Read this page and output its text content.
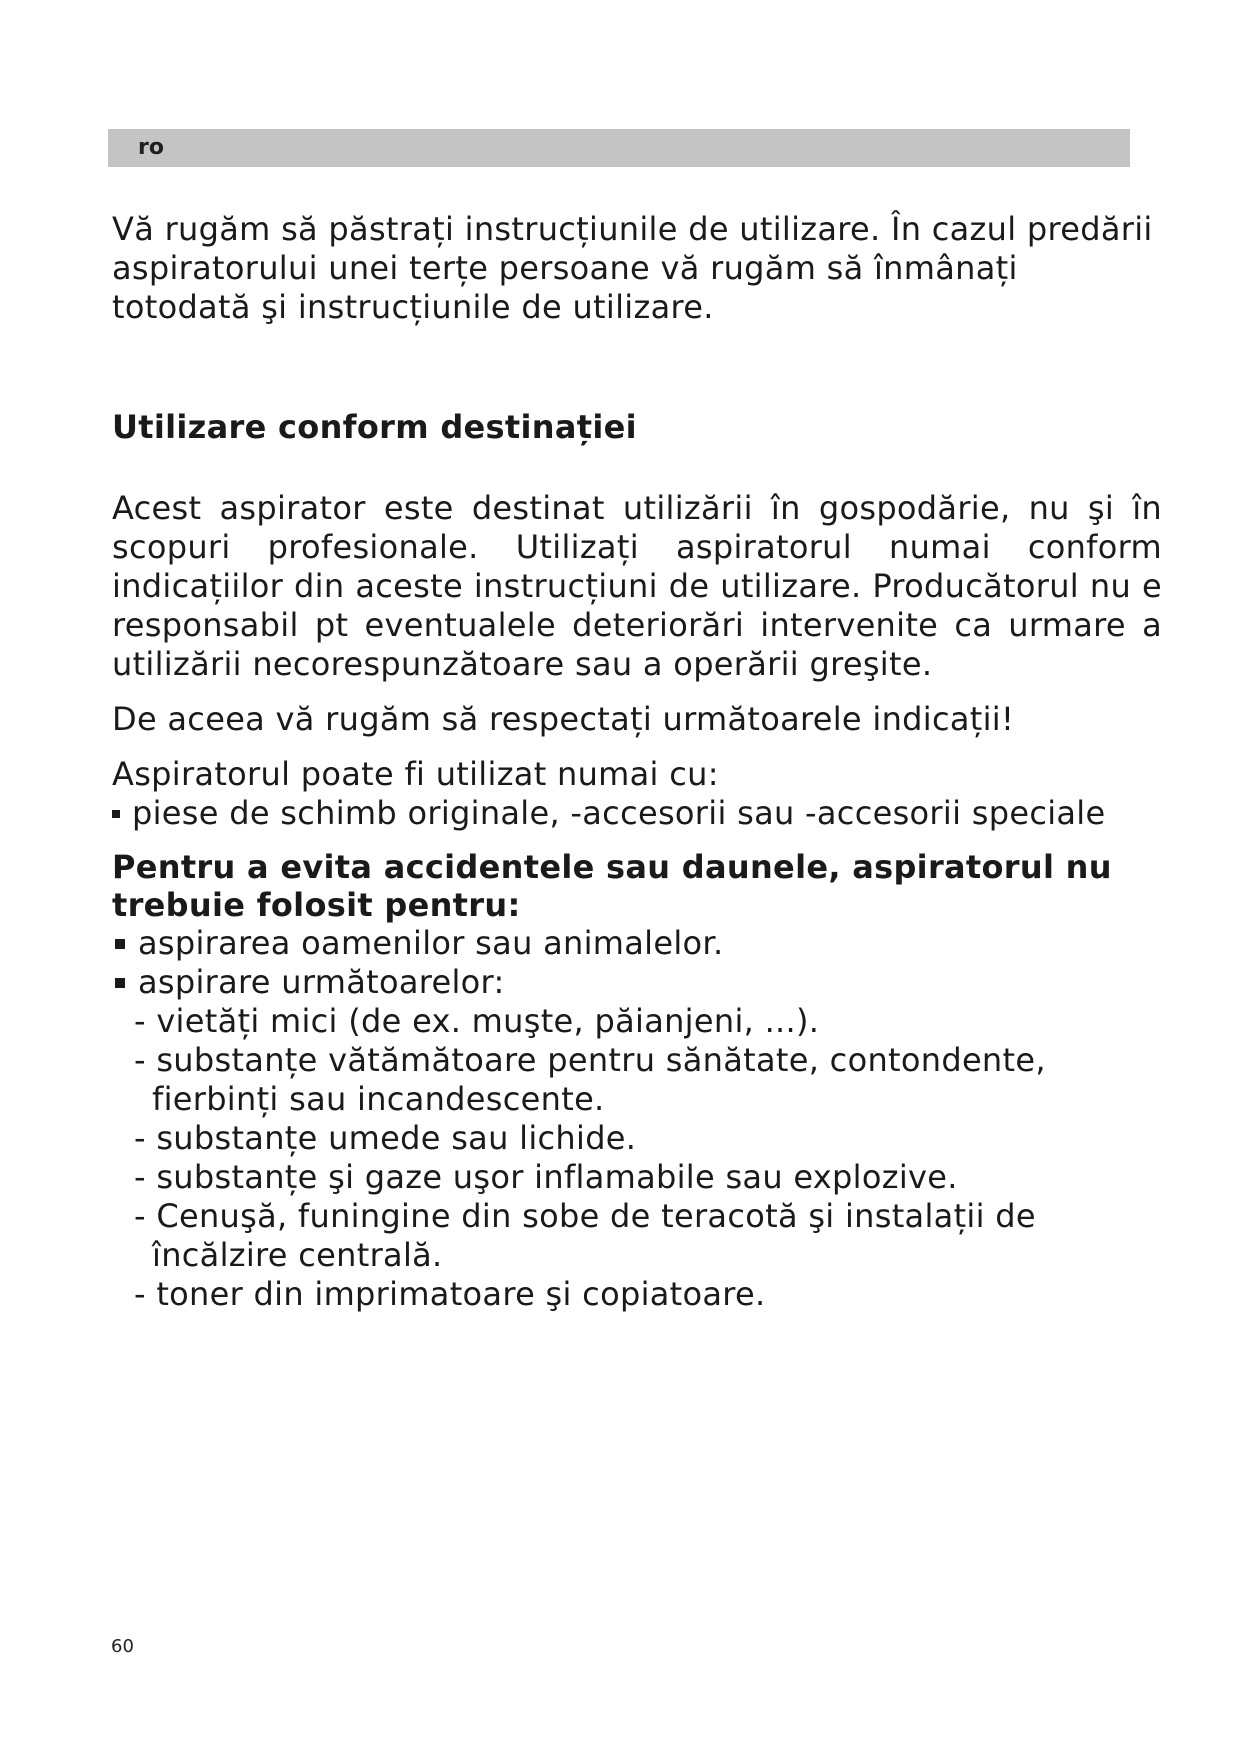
ro

Vă rugăm să păstrați instrucțiunile de utilizare. În cazul predării aspiratorului unei terțe persoane vă rugăm să înmânați totodată şi instrucțiunile de utilizare.

Utilizare conform destinației

Acest aspirator este destinat utilizării în gospodărie, nu şi în scopuri profesionale. Utilizați aspiratorul numai conform indicațiilor din aceste instrucțiuni de utilizare. Producătorul nu e responsabil pt eventualele deteriorări intervenite ca urmare a utilizării necorespunzătoare sau a operării greşite.

De aceea vă rugăm să respectați următoarele indicații!

Aspiratorul poate fi utilizat numai cu:

piese de schimb originale, -accesorii sau -accesorii speciale

Pentru a evita accidentele sau daunele, aspiratorul nu trebuie folosit pentru:

aspirarea oamenilor sau animalelor.
aspirare următoarelor:
- vietăți mici (de ex. muşte, păianjeni, ...).
- substanțe vătămătoare pentru sănătate, contondente, fierbinți sau incandescente.
- substanțe umede sau lichide.
- substanțe şi gaze uşor inflamabile sau explozive.
- Cenuşă, funingine din sobe de teracotă şi instalații de încălzire centrală.
- toner din imprimatoare şi copiatoare.
60
